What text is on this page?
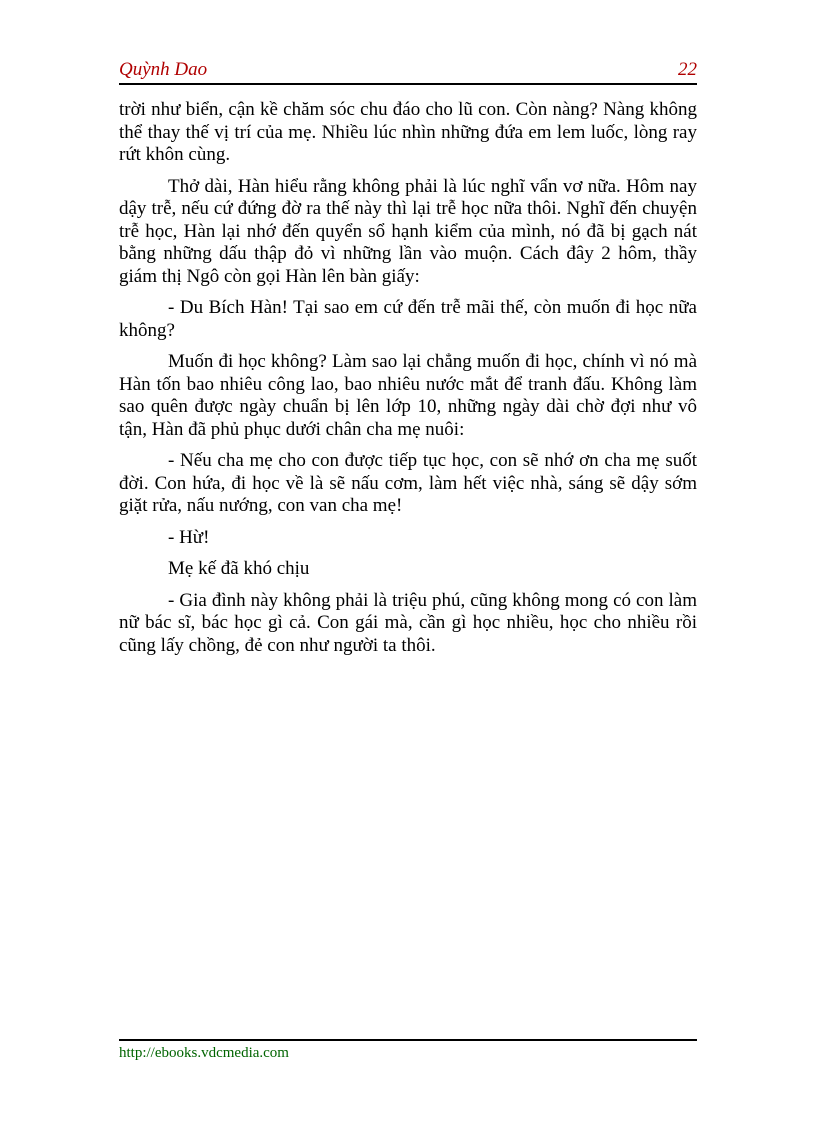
Quỳnh Dao	22

trời như biển, cận kề chăm sóc chu đáo cho lũ con. Còn nàng? Nàng không thể thay thế vị trí của mẹ. Nhiều lúc nhìn những đứa em lem luốc, lòng ray rứt khôn cùng.

Thở dài, Hàn hiểu rằng không phải là lúc nghĩ vẩn vơ nữa. Hôm nay dậy trễ, nếu cứ đứng đờ ra thế này thì lại trễ học nữa thôi. Nghĩ đến chuyện trễ học, Hàn lại nhớ đến quyển sổ hạnh kiểm của mình, nó đã bị gạch nát bằng những dấu thập đỏ vì những lần vào muộn. Cách đây 2 hôm, thầy giám thị Ngô còn gọi Hàn lên bàn giấy:

- Du Bích Hàn! Tại sao em cứ đến trễ mãi thế, còn muốn đi học nữa không?

Muốn đi học không? Làm sao lại chẳng muốn đi học, chính vì nó mà Hàn tốn bao nhiêu công lao, bao nhiêu nước mắt để tranh đấu. Không làm sao quên được ngày chuẩn bị lên lớp 10, những ngày dài chờ đợi như vô tận, Hàn đã phủ phục dưới chân cha mẹ nuôi:

- Nếu cha mẹ cho con được tiếp tục học, con sẽ nhớ ơn cha mẹ suốt đời. Con hứa, đi học về là sẽ nấu cơm, làm hết việc nhà, sáng sẽ dậy sớm giặt rửa, nấu nướng, con van cha mẹ!

- Hừ!

Mẹ kế đã khó chịu

- Gia đình này không phải là triệu phú, cũng không mong có con làm nữ bác sĩ, bác học gì cả. Con gái mà, cần gì học nhiều, học cho nhiều rồi cũng lấy chồng, đẻ con như người ta thôi.

http://ebooks.vdcmedia.com
